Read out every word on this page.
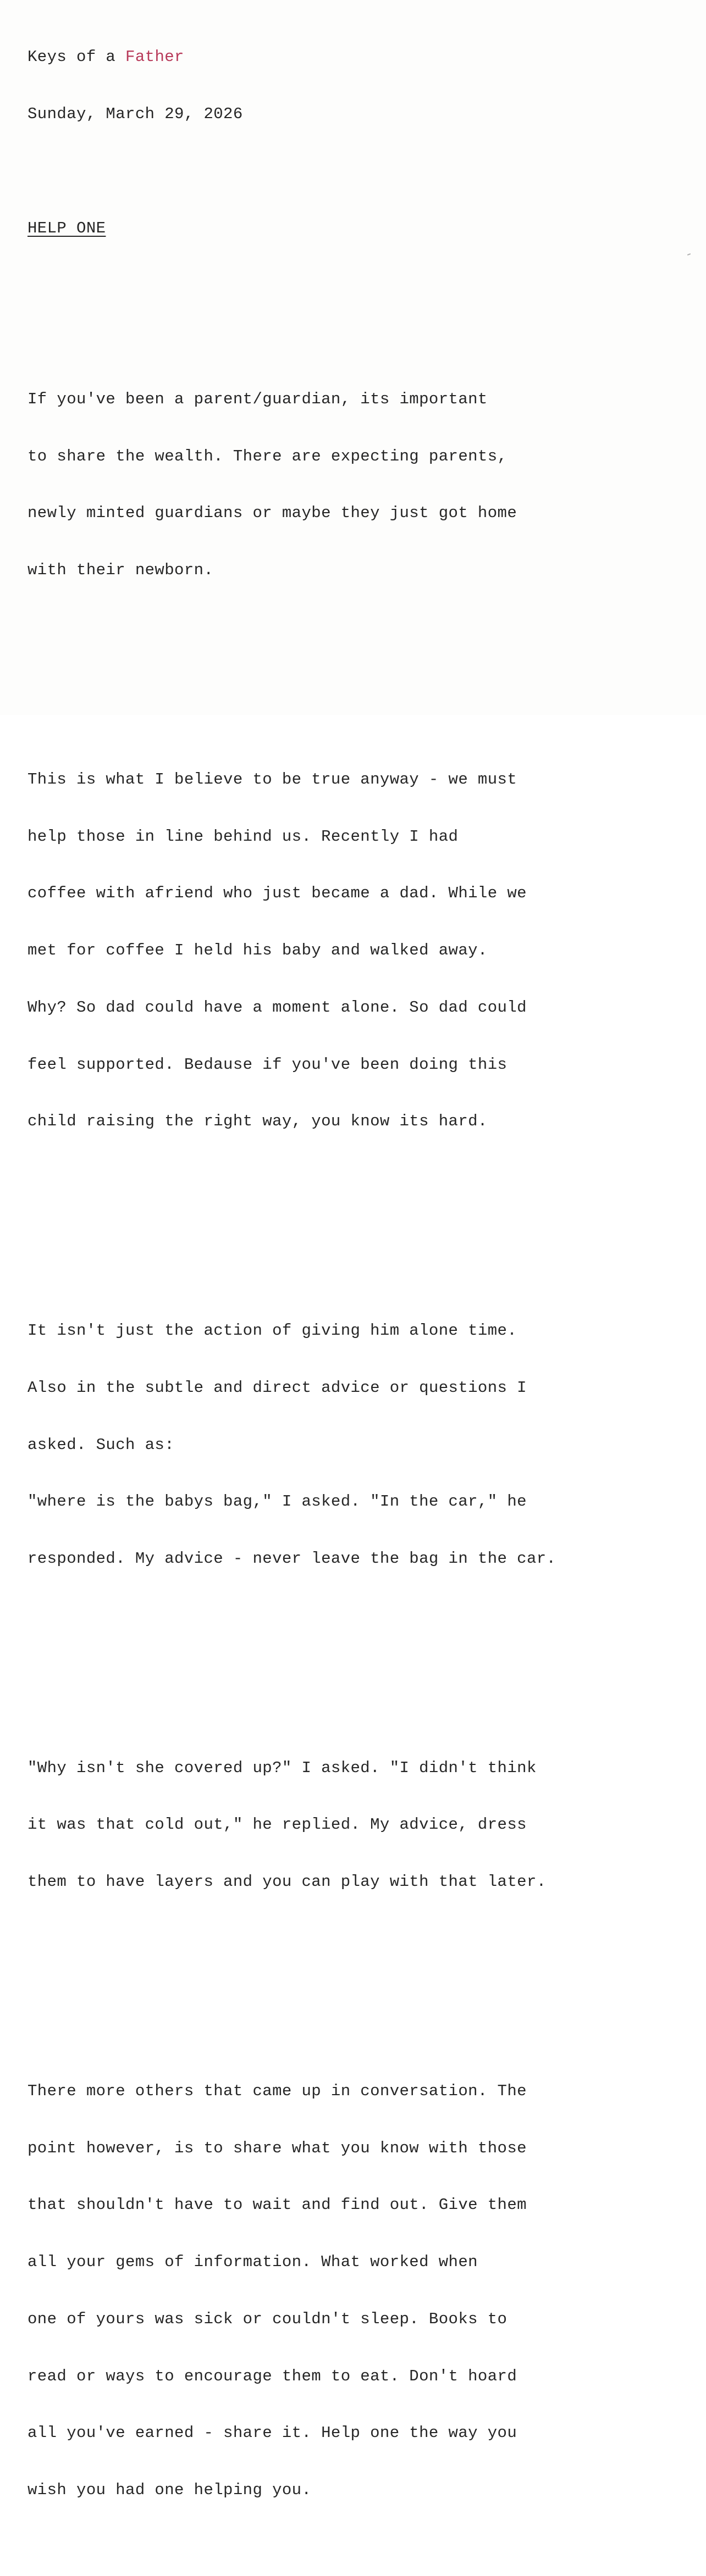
Keys of a Father

Sunday, March 29, 2026

HELP ONE

If you've been a parent/guardian, its important

to share the wealth. There are expecting parents,

newly minted guardians or maybe they just got home

with their newborn.

This is what I believe to be true anyway - we must

help those in line behind us. Recently I had

coffee with afriend who just became a dad. While we

met for coffee I held his baby and walked away.

Why? So dad could have a moment alone. So dad could

feel supported. Bedause if you've been doing this

child raising the right way, you know its hard.

It isn't just the action of giving him alone time.

Also in the subtle and direct advice or questions I

asked. Such as:

"where is the babys bag," I asked. "In the car," he

responded. My advice - never leave the bag in the car.

"Why isn't she covered up?" I asked. "I didn't think

it was that cold out," he replied. My advice, dress

them to have layers and you can play with that later.

There more others that came up in conversation. The

point however, is to share what you know with those

that shouldn't have to wait and find out. Give them

all your gems of information. What worked when

one of yours was sick or couldn't sleep. Books to

read or ways to encourage them to eat. Don't hoard

all you've earned - share it. Help one the way you

wish you had one helping you.
